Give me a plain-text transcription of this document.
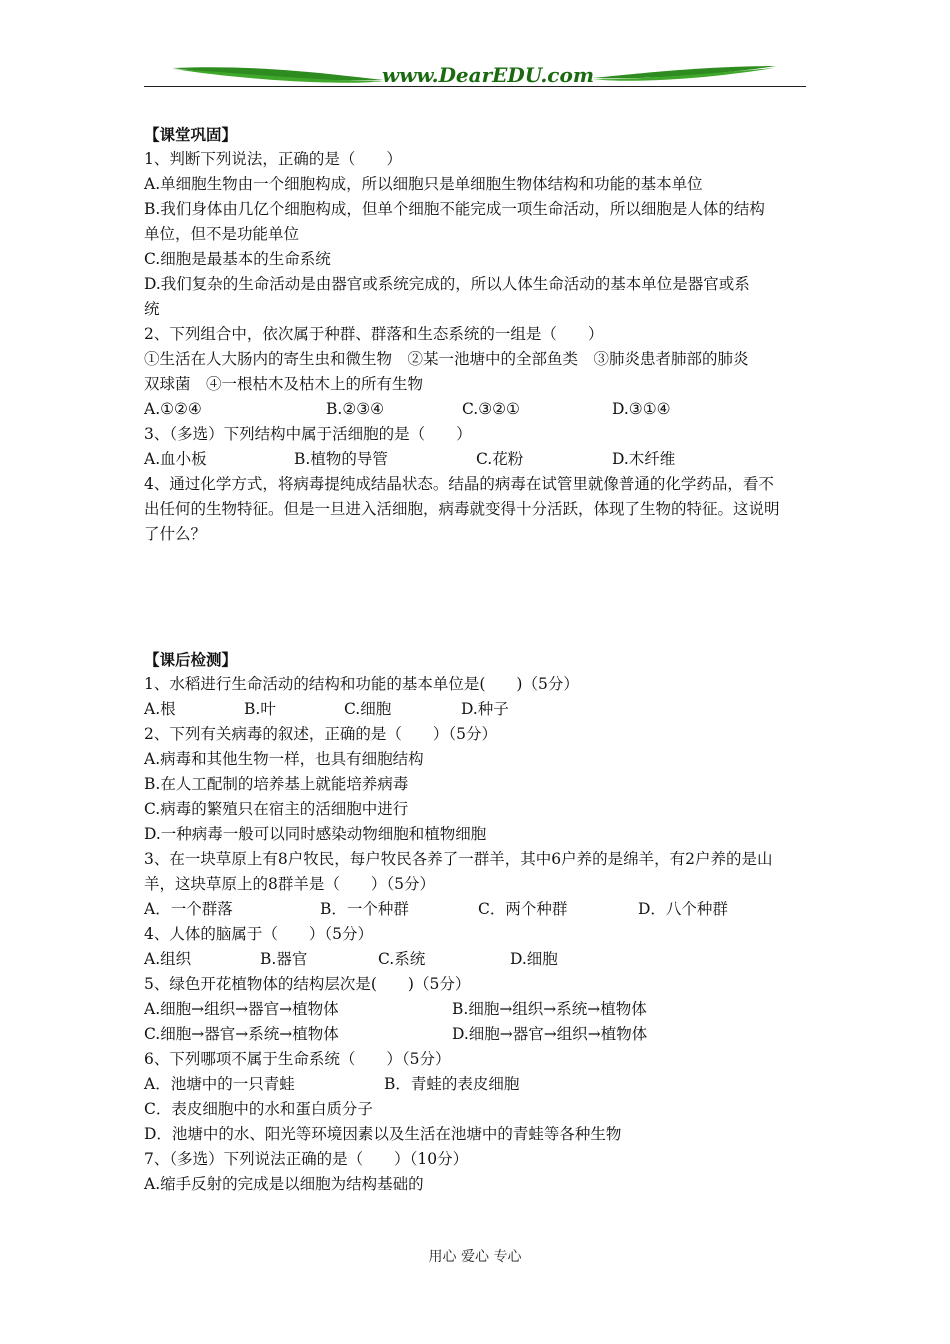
www.DearEDU.com
【课堂巩固】
1、判断下列说法，正确的是（　　）
A.单细胞生物由一个细胞构成，所以细胞只是单细胞生物体结构和功能的基本单位
B.我们身体由几亿个细胞构成，但单个细胞不能完成一项生命活动，所以细胞是人体的结构
单位，但不是功能单位
C.细胞是最基本的生命系统
D.我们复杂的生命活动是由器官或系统完成的，所以人体生命活动的基本单位是器官或系
统
2、下列组合中，依次属于种群、群落和生态系统的一组是（　　）
①生活在人大肠内的寄生虫和微生物　②某一池塘中的全部鱼类　③肺炎患者肺部的肺炎
双球菌　④一根枯木及枯木上的所有生物
A.①②④	B.②③④	C.③②①	D.③①④
3、（多选）下列结构中属于活细胞的是（　　）
A.血小板	B.植物的导管	C.花粉	D.木纤维
4、通过化学方式，将病毒提纯成结晶状态。结晶的病毒在试管里就像普通的化学药品，看不
出任何的生物特征。但是一旦进入活细胞，病毒就变得十分活跃，体现了生物的特征。这说明
了什么？
【课后检测】
1、水稻进行生命活动的结构和功能的基本单位是(　　)（5分）
A.根	B.叶	C.细胞	D.种子
2、下列有关病毒的叙述，正确的是（　　）（5分）
A.病毒和其他生物一样，也具有细胞结构
B.在人工配制的培养基上就能培养病毒
C.病毒的繁殖只在宿主的活细胞中进行
D.一种病毒一般可以同时感染动物细胞和植物细胞
3、在一块草原上有8户牧民，每户牧民各养了一群羊，其中6户养的是绵羊，有2户养的是山
羊，这块草原上的8群羊是（　　）（5分）
A．一个群落	B．一个种群	C．两个种群	D．八个种群
4、人体的脑属于（　　）（5分）
A.组织	B.器官	C.系统	D.细胞
5、绿色开花植物体的结构层次是(　　)（5分）
A.细胞→组织→器官→植物体	B.细胞→组织→系统→植物体
C.细胞→器官→系统→植物体	D.细胞→器官→组织→植物体
6、下列哪项不属于生命系统（　　）（5分）
A．池塘中的一只青蛙	B．青蛙的表皮细胞
C．表皮细胞中的水和蛋白质分子
D．池塘中的水、阳光等环境因素以及生活在池塘中的青蛙等各种生物
7、（多选）下列说法正确的是（　　）（10分）
A.缩手反射的完成是以细胞为结构基础的
用心 爱心 专心
